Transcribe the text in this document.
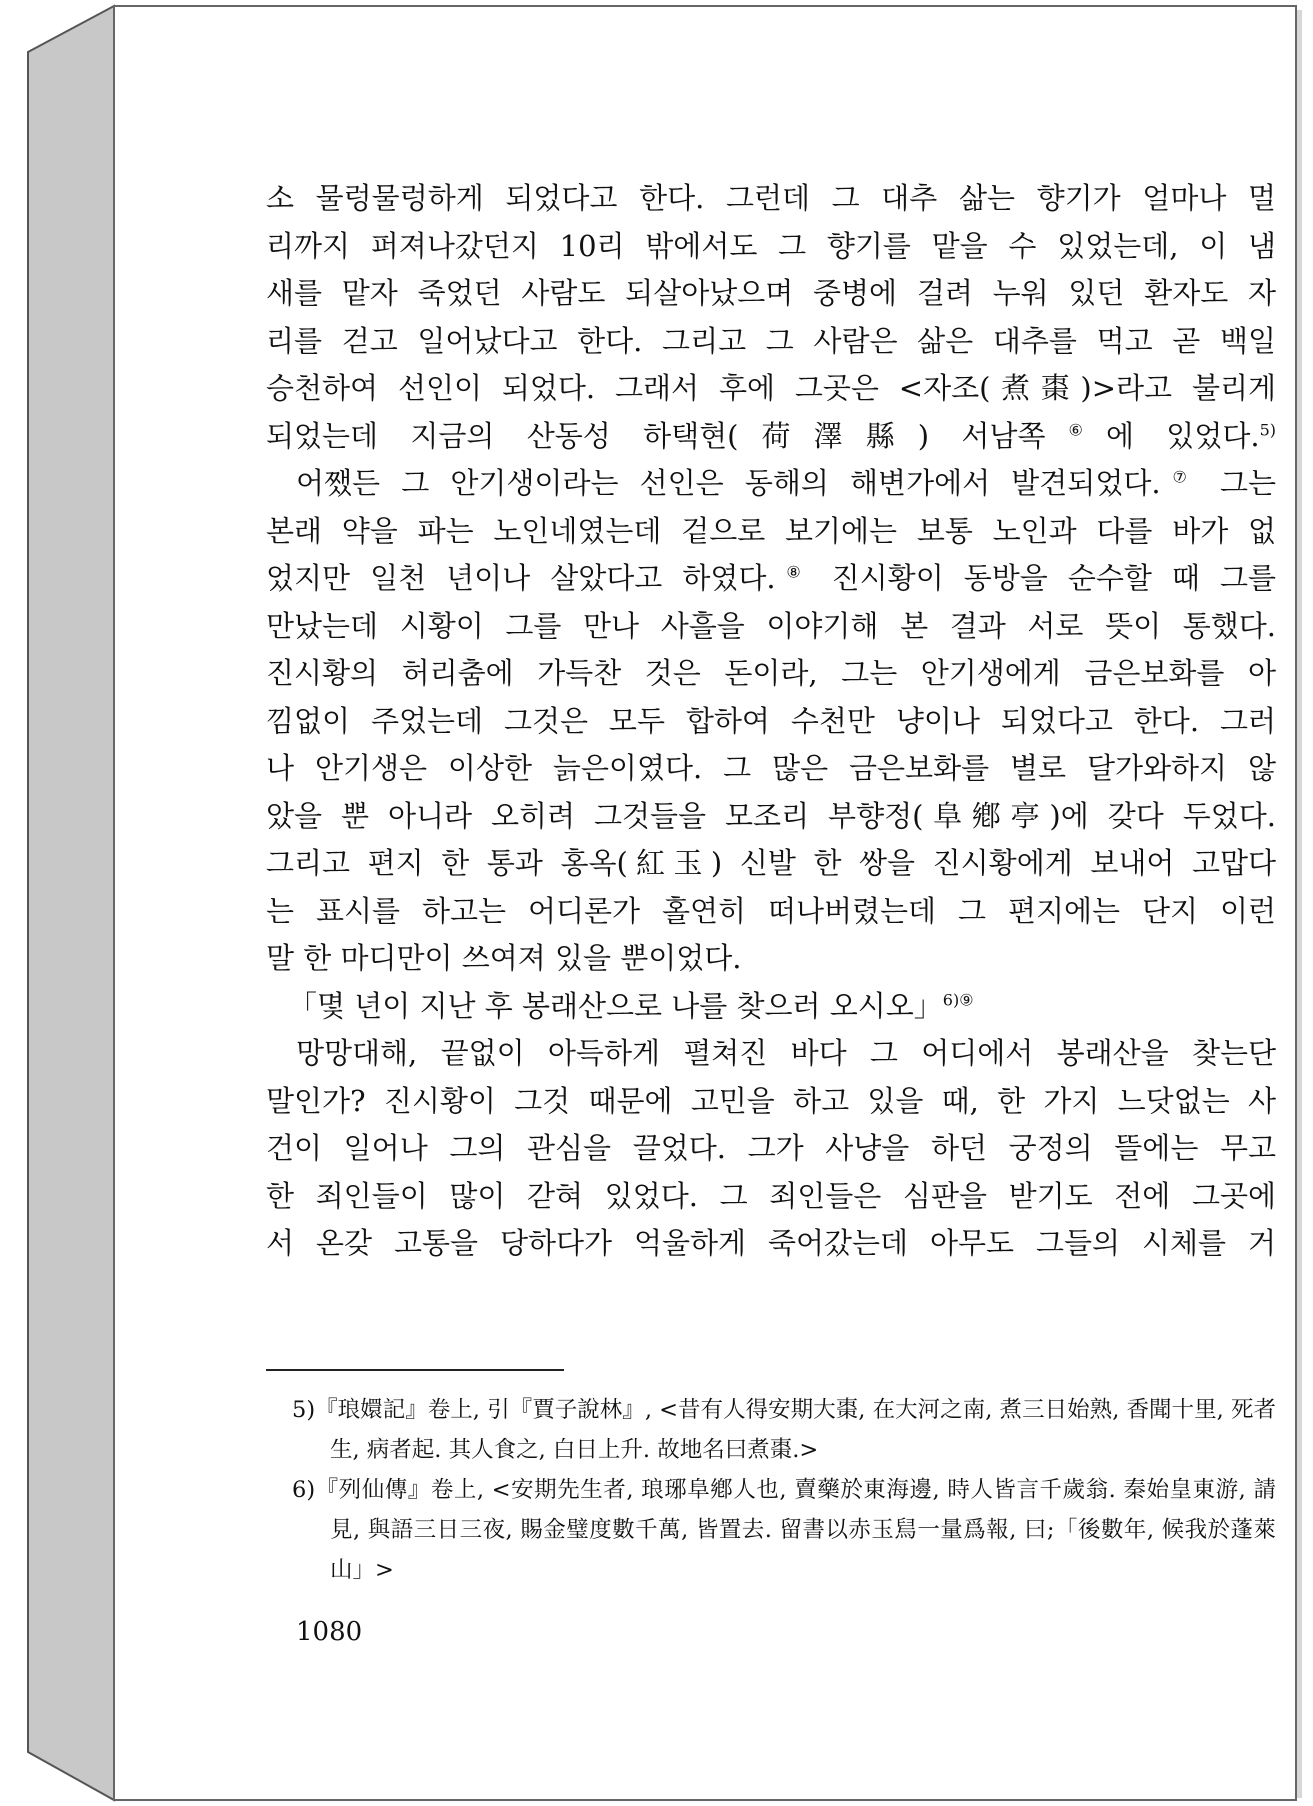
소 물렁물렁하게 되었다고 한다. 그런데 그 대추 삶는 향기가 얼마나 멀
리까지 퍼져나갔던지 10리 밖에서도 그 향기를 맡을 수 있었는데, 이 냄
새를 맡자 죽었던 사람도 되살아났으며 중병에 걸려 누워 있던 환자도 자
리를 걷고 일어났다고 한다. 그리고 그 사람은 삶은 대추를 먹고 곧 백일
승천하여 선인이 되었다. 그래서 후에 그곳은 <자조(煮棗)>라고 불리게
되었는데 지금의 산동성 하택현(荷澤縣) 서남쪽⑥에 있었다.$^{5)}$
어쨌든 그 안기생이라는 선인은 동해의 해변가에서 발견되었다.⑦ 그는
본래 약을 파는 노인네였는데 겉으로 보기에는 보통 노인과 다를 바가 없
었지만 일천 년이나 살았다고 하였다.⑧ 진시황이 동방을 순수할 때 그를
만났는데 시황이 그를 만나 사흘을 이야기해 본 결과 서로 뜻이 통했다.
진시황의 허리춤에 가득찬 것은 돈이라, 그는 안기생에게 금은보화를 아
낌없이 주었는데 그것은 모두 합하여 수천만 냥이나 되었다고 한다. 그러
나 안기생은 이상한 늙은이였다. 그 많은 금은보화를 별로 달가와하지 않
았을 뿐 아니라 오히려 그것들을 모조리 부향정(阜鄕亭)에 갖다 두었다.
그리고 편지 한 통과 홍옥(紅玉) 신발 한 쌍을 진시황에게 보내어 고맙다
는 표시를 하고는 어디론가 홀연히 떠나버렸는데 그 편지에는 단지 이런
말 한 마디만이 쓰여져 있을 뿐이었다.
「몇 년이 지난 후 봉래산으로 나를 찾으러 오시오」$^{6)⑨}$
망망대해, 끝없이 아득하게 펼쳐진 바다 그 어디에서 봉래산을 찾는단
말인가? 진시황이 그것 때문에 고민을 하고 있을 때, 한 가지 느닷없는 사
건이 일어나 그의 관심을 끌었다. 그가 사냥을 하던 궁정의 뜰에는 무고
한 죄인들이 많이 갇혀 있었다. 그 죄인들은 심판을 받기도 전에 그곳에
서 온갖 고통을 당하다가 억울하게 죽어갔는데 아무도 그들의 시체를 거
5)『琅嬛記』卷上, 引『賈子說林』, <昔有人得安期大棗, 在大河之南, 煮三日始熟, 香聞十里, 死者生, 病者起. 其人食之, 白日上升. 故地名曰煮棗.>
6)『列仙傳』卷上, <安期先生者, 琅琊阜鄕人也, 賣藥於東海邊, 時人皆言千歲翁. 秦始皇東游, 請見, 與語三日三夜, 賜金璧度數千萬, 皆置去. 留書以赤玉舃一量爲報, 曰;「後數年, 候我於蓬萊山」>
1080
